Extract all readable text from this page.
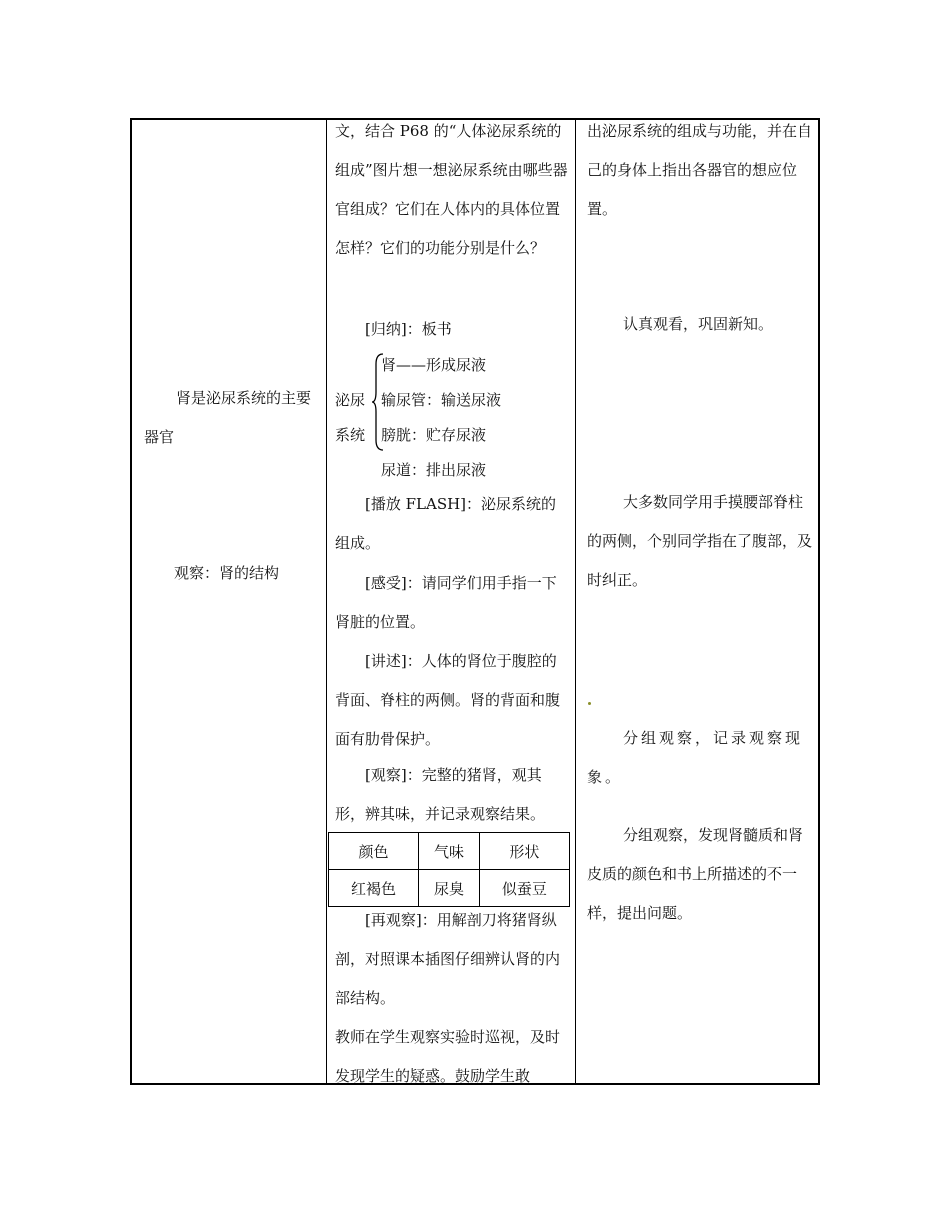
肾是泌尿系统的主要器官
观察：肾的结构

文，结合 P68 的“人体泌尿系统的组成”图片想一想泌尿系统由哪些器官组成？它们在人体内的具体位置怎样？它们的功能分别是什么？

[归纳]：板书
泌尿
系统
肾——形成尿液
输尿管：输送尿液
膀胱：贮存尿液
尿道：排出尿液

[播放 FLASH]：泌尿系统的组成。

[感受]：请同学们用手指一下肾脏的位置。

[讲述]：人体的肾位于腹腔的背面、脊柱的两侧。肾的背面和腹面有肋骨保护。

[观察]：完整的猪肾，观其形，辨其味，并记录观察结果。

颜色	气味	形状
红褐色	尿臭	似蚕豆

[再观察]：用解剖刀将猪肾纵剖，对照课本插图仔细辨认肾的内部结构。

教师在学生观察实验时巡视，及时发现学生的疑惑。鼓励学生敢

出泌尿系统的组成与功能，并在自己的身体上指出各器官的想应位置。

认真观看，巩固新知。

大多数同学用手摸腰部脊柱的两侧，个别同学指在了腹部，及时纠正。

分组观察，记录观察现象。

分组观察，发现肾髓质和肾皮质的颜色和书上所描述的不一样，提出问题。
